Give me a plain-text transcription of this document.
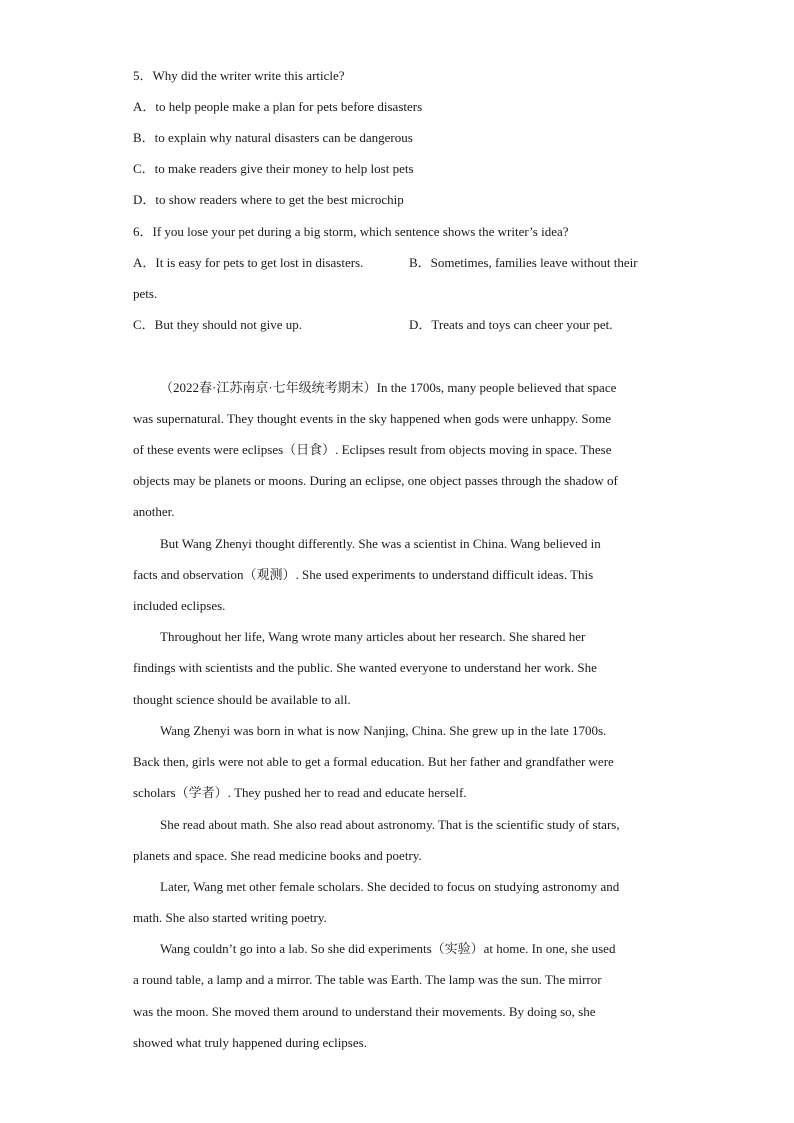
5．Why did the writer write this article?
A．to help people make a plan for pets before disasters
B．to explain why natural disasters can be dangerous
C．to make readers give their money to help lost pets
D．to show readers where to get the best microchip
6．If you lose your pet during a big storm, which sentence shows the writer’s idea?
A．It is easy for pets to get lost in disasters.	B．Sometimes, families leave without their
pets.
C．But they should not give up.	D．Treats and toys can cheer your pet.
（2022春·江苏南京·七年级统考期末）In the 1700s, many people believed that space
was supernatural. They thought events in the sky happened when gods were unhappy. Some
of these events were eclipses（日食）. Eclipses result from objects moving in space. These
objects may be planets or moons. During an eclipse, one object passes through the shadow of
another.
But Wang Zhenyi thought differently. She was a scientist in China. Wang believed in
facts and observation（观测）. She used experiments to understand difficult ideas. This
included eclipses.
Throughout her life, Wang wrote many articles about her research. She shared her
findings with scientists and the public. She wanted everyone to understand her work. She
thought science should be available to all.
Wang Zhenyi was born in what is now Nanjing, China. She grew up in the late 1700s.
Back then, girls were not able to get a formal education. But her father and grandfather were
scholars（学者）. They pushed her to read and educate herself.
She read about math. She also read about astronomy. That is the scientific study of stars,
planets and space. She read medicine books and poetry.
Later, Wang met other female scholars. She decided to focus on studying astronomy and
math. She also started writing poetry.
Wang couldn’t go into a lab. So she did experiments（实验）at home. In one, she used
a round table, a lamp and a mirror. The table was Earth. The lamp was the sun. The mirror
was the moon. She moved them around to understand their movements. By doing so, she
showed what truly happened during eclipses.
